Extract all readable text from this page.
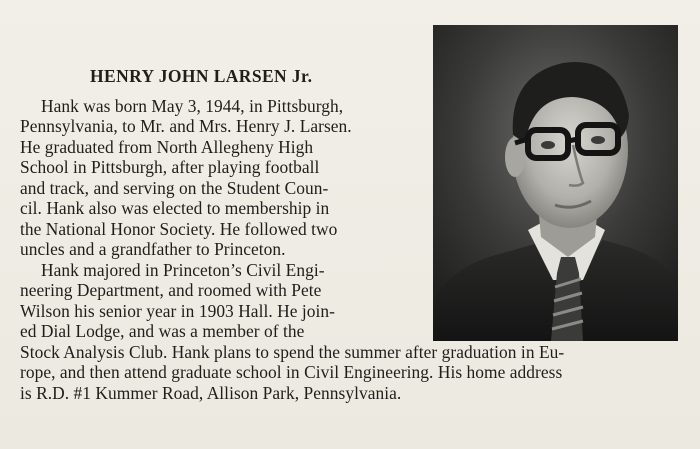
HENRY JOHN LARSEN Jr.
Hank was born May 3, 1944, in Pittsburgh,
Pennsylvania, to Mr. and Mrs. Henry J. Larsen.
He graduated from North Allegheny High
School in Pittsburgh, after playing football
and track, and serving on the Student Coun-
cil. Hank also was elected to membership in
the National Honor Society. He followed two
uncles and a grandfather to Princeton.
Hank majored in Princeton’s Civil Engi-
neering Department, and roomed with Pete
Wilson his senior year in 1903 Hall. He join-
ed Dial Lodge, and was a member of the
Stock Analysis Club. Hank plans to spend the summer after graduation in Eu-
rope, and then attend graduate school in Civil Engineering. His home address
is R.D. #1 Kummer Road, Allison Park, Pennsylvania.
